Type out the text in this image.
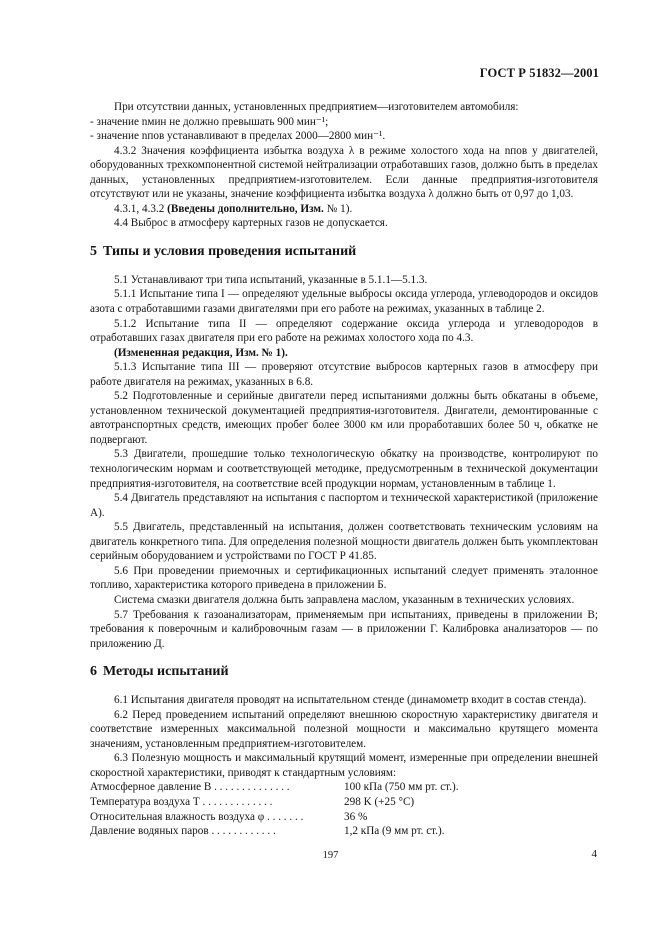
ГОСТ Р 51832—2001

При отсутствии данных, установленных предприятием—изготовителем автомобиля:

- значение nмин не должно превышать 900 мин⁻¹;

- значение nпов устанавливают в пределах 2000—2800 мин⁻¹.

4.3.2 Значения коэффициента избытка воздуха λ в режиме холостого хода на nпов у двигателей, оборудованных трехкомпонентной системой нейтрализации отработавших газов, должно быть в пределах данных, установленных предприятием-изготовителем. Если данные предприятия-изготовителя отсутствуют или не указаны, значение коэффициента избытка воздуха λ должно быть от 0,97 до 1,03.

4.3.1, 4.3.2 (Введены дополнительно, Изм. № 1).

4.4 Выброс в атмосферу картерных газов не допускается.

5 Типы и условия проведения испытаний

5.1 Устанавливают три типа испытаний, указанные в 5.1.1—5.1.3.

5.1.1 Испытание типа I — определяют удельные выбросы оксида углерода, углеводородов и оксидов азота с отработавшими газами двигателями при его работе на режимах, указанных в таблице 2.

5.1.2 Испытание типа II — определяют содержание оксида углерода и углеводородов в отработавших газах двигателя при его работе на режимах холостого хода по 4.3.

(Измененная редакция, Изм. № 1).

5.1.3 Испытание типа III — проверяют отсутствие выбросов картерных газов в атмосферу при работе двигателя на режимах, указанных в 6.8.

5.2 Подготовленные и серийные двигатели перед испытаниями должны быть обкатаны в объеме, установленном технической документацией предприятия-изготовителя. Двигатели, демонтированные с автотранспортных средств, имеющих пробег более 3000 км или проработавших более 50 ч, обкатке не подвергают.

5.3 Двигатели, прошедшие только технологическую обкатку на производстве, контролируют по технологическим нормам и соответствующей методике, предусмотренным в технической документации предприятия-изготовителя, на соответствие всей продукции нормам, установленным в таблице 1.

5.4 Двигатель представляют на испытания с паспортом и технической характеристикой (приложение А).

5.5 Двигатель, представленный на испытания, должен соответствовать техническим условиям на двигатель конкретного типа. Для определения полезной мощности двигатель должен быть укомплектован серийным оборудованием и устройствами по ГОСТ Р 41.85.

5.6 При проведении приемочных и сертификационных испытаний следует применять эталонное топливо, характеристика которого приведена в приложении Б.

Система смазки двигателя должна быть заправлена маслом, указанным в технических условиях.

5.7 Требования к газоанализаторам, применяемым при испытаниях, приведены в приложении В; требования к поверочным и калибровочным газам — в приложении Г. Калибровка анализаторов — по приложению Д.

6 Методы испытаний

6.1 Испытания двигателя проводят на испытательном стенде (динамометр входит в состав стенда).

6.2 Перед проведением испытаний определяют внешнюю скоростную характеристику двигателя и соответствие измеренных максимальной полезной мощности и максимально крутящего момента значениям, установленным предприятием-изготовителем.

6.3 Полезную мощность и максимальный крутящий момент, измеренные при определении внешней скоростной характеристики, приводят к стандартным условиям:

Атмосферное давление В . . . . . . . . . . . . . .	100 кПа (750 мм рт. ст.).
Температура воздуха Т . . . . . . . . . . . . .	298 K (+25 °С)
Относительная влажность воздуха φ . . . . . . .	36 %
Давление водяных паров . . . . . . . . . . . .	1,2 кПа (9 мм рт. ст.).
197	4
